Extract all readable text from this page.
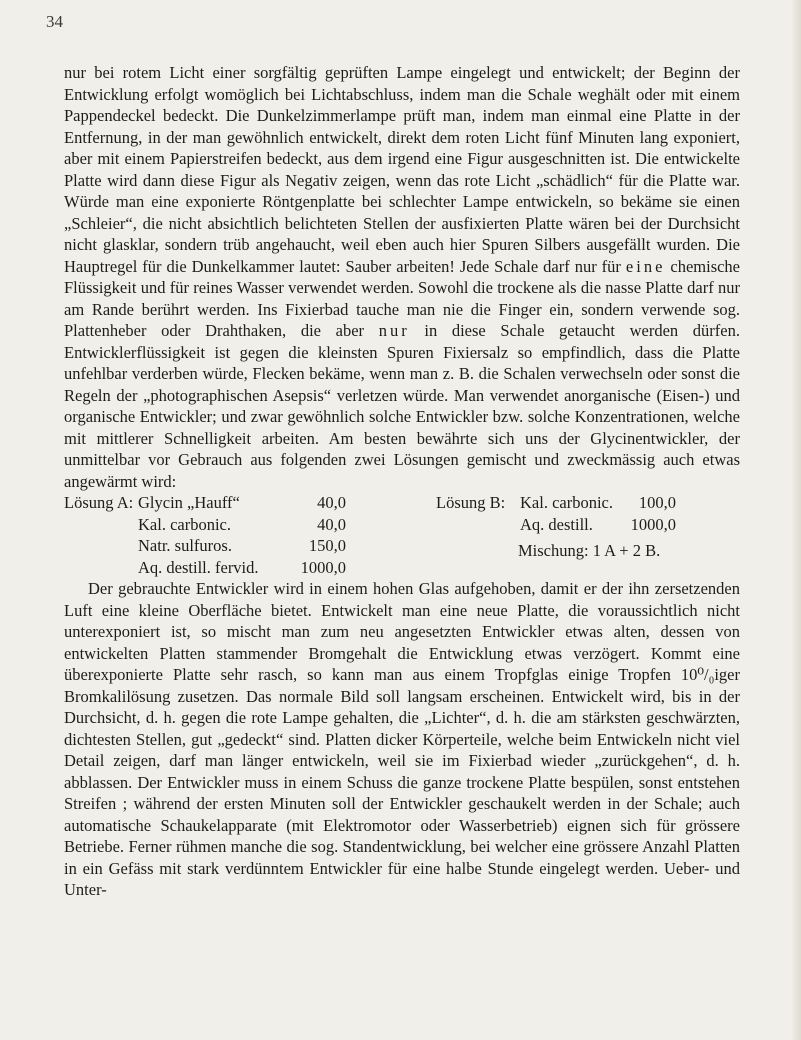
34

nur bei rotem Licht einer sorgfältig geprüften Lampe eingelegt und entwickelt; der Beginn der Entwicklung erfolgt womöglich bei Lichtabschluss, indem man die Schale weghält oder mit einem Pappendeckel bedeckt. Die Dunkelzimmerlampe prüft man, indem man einmal eine Platte in der Entfernung, in der man gewöhnlich entwickelt, direkt dem roten Licht fünf Minuten lang exponiert, aber mit einem Papierstreifen bedeckt, aus dem irgend eine Figur ausgeschnitten ist. Die entwickelte Platte wird dann diese Figur als Negativ zeigen, wenn das rote Licht „schädlich“ für die Platte war. Würde man eine exponierte Röntgenplatte bei schlechter Lampe entwickeln, so bekäme sie einen „Schleier“, die nicht absichtlich belichteten Stellen der ausfixierten Platte wären bei der Durchsicht nicht glasklar, sondern trüb angehaucht, weil eben auch hier Spuren Silbers ausgefällt wurden. Die Hauptregel für die Dunkelkammer lautet: Sauber arbeiten! Jede Schale darf nur für eine chemische Flüssigkeit und für reines Wasser verwendet werden. Sowohl die trockene als die nasse Platte darf nur am Rande berührt werden. Ins Fixierbad tauche man nie die Finger ein, sondern verwende sog. Plattenheber oder Drahthaken, die aber nur in diese Schale getaucht werden dürfen. Entwicklerflüssigkeit ist gegen die kleinsten Spuren Fixiersalz so empfindlich, dass die Platte unfehlbar verderben würde, Flecken bekäme, wenn man z. B. die Schalen verwechseln oder sonst die Regeln der „photographischen Asepsis“ verletzen würde. Man verwendet anorganische (Eisen-) und organische Entwickler; und zwar gewöhnlich solche Entwickler bzw. solche Konzentrationen, welche mit mittlerer Schnelligkeit arbeiten. Am besten bewährte sich uns der Glycinentwickler, der unmittelbar vor Gebrauch aus folgenden zwei Lösungen gemischt und zweckmässig auch etwas angewärmt wird:

Lösung A: Glycin „Hauff“	40,0
Kal. carbonic.	40,0
Natr. sulfuros.	150,0
Aq. destill. fervid.	1000,0
Lösung B: Kal. carbonic.	100,0
Aq. destill.	1000,0
Mischung: 1 A + 2 B.

Der gebrauchte Entwickler wird in einem hohen Glas aufgehoben, damit er der ihn zersetzenden Luft eine kleine Oberfläche bietet. Entwickelt man eine neue Platte, die voraussichtlich nicht unterexponiert ist, so mischt man zum neu angesetzten Entwickler etwas alten, dessen von entwickelten Platten stammender Bromgehalt die Entwicklung etwas verzögert. Kommt eine überexponierte Platte sehr rasch, so kann man aus einem Tropfglas einige Tropfen 10⁰/₀iger Bromkalilösung zusetzen. Das normale Bild soll langsam erscheinen. Entwickelt wird, bis in der Durchsicht, d. h. gegen die rote Lampe gehalten, die „Lichter“, d. h. die am stärksten geschwärzten, dichtesten Stellen, gut „gedeckt“ sind. Platten dicker Körperteile, welche beim Entwickeln nicht viel Detail zeigen, darf man länger entwickeln, weil sie im Fixierbad wieder „zurückgehen“, d. h. abblassen. Der Entwickler muss in einem Schuss die ganze trockene Platte bespülen, sonst entstehen Streifen ; während der ersten Minuten soll der Entwickler geschaukelt werden in der Schale; auch automatische Schaukelapparate (mit Elektromotor oder Wasserbetrieb) eignen sich für grössere Betriebe. Ferner rühmen manche die sog. Standentwicklung, bei welcher eine grössere Anzahl Platten in ein Gefäss mit stark verdünntem Entwickler für eine halbe Stunde eingelegt werden. Ueber- und Unter-
